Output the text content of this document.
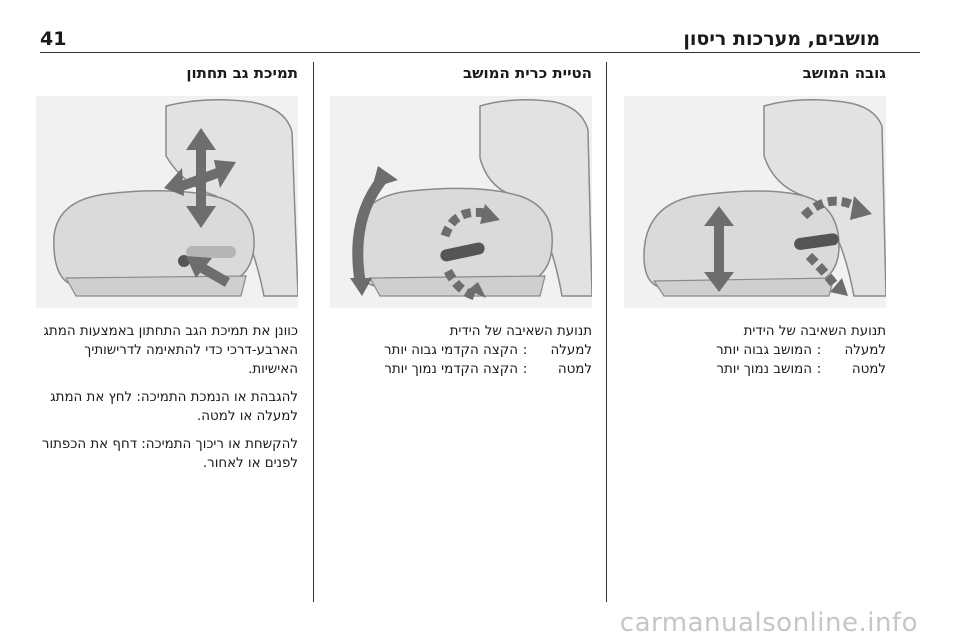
41	מושבים, מערכות ריסון
גובה המושב
תנועת השאיבה של הידית
למעלה
:
המושב גבוה יותר
למטה
:
המושב נמוך יותר
הטיית כרית המושב
תנועת השאיבה של הידית
למעלה
:
הקצה הקדמי גבוה יותר
למטה
:
הקצה הקדמי נמוך יותר
תמיכת גב תחתון

כוונן את תמיכת הגב התחתון באמצעות המתג הארבע-דרכי כדי להתאימה לדרישותיך האישיות.

להגבהת או הנמכת התמיכה: לחץ את המתג למעלה או למטה.

להקשחת או ריכוך התמיכה: דחף את הכפתור לפנים או לאחור.

carmanualsonline.info
